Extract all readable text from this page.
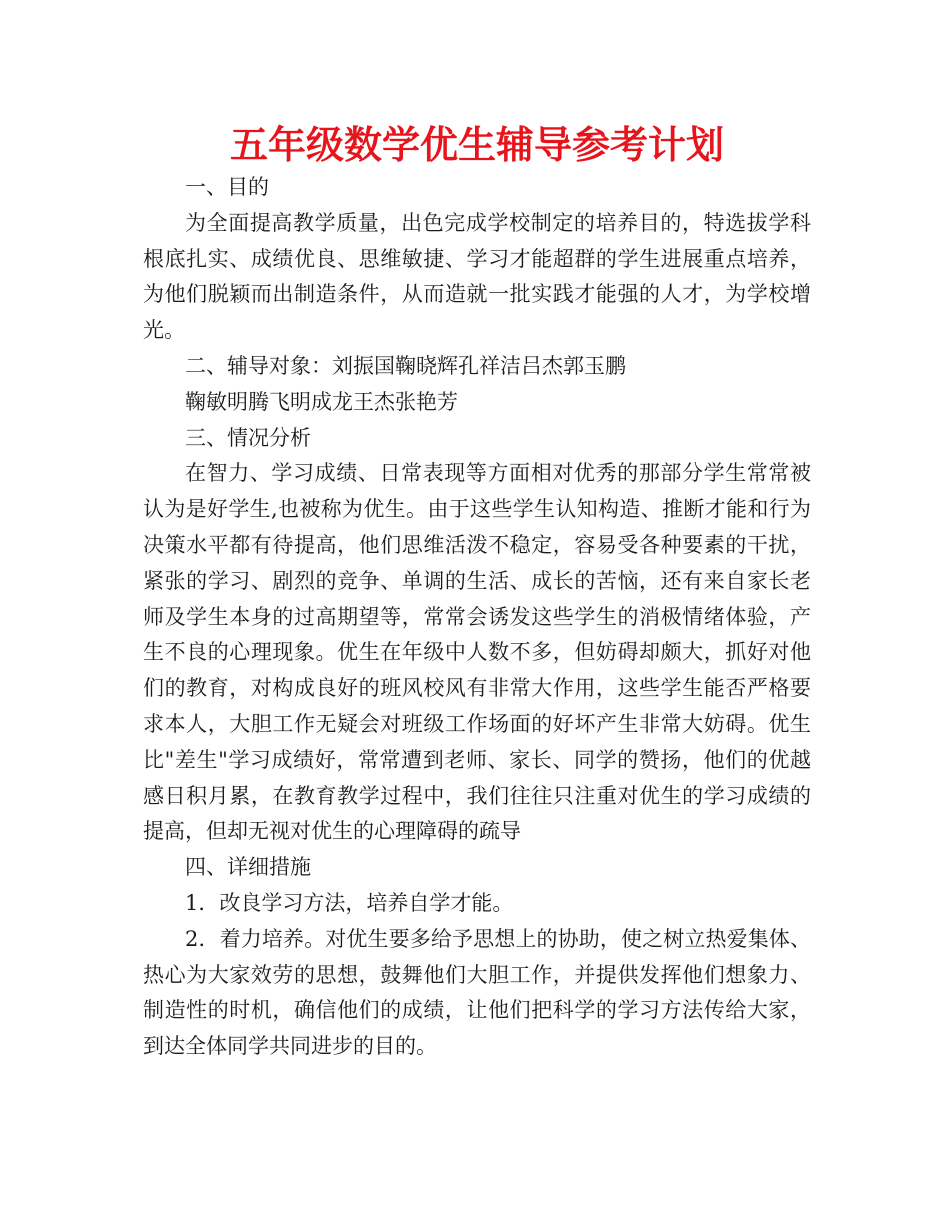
五年级数学优生辅导参考计划

一、目的

为全面提高教学质量，出色完成学校制定的培养目的，特选拔学科根底扎实、成绩优良、思维敏捷、学习才能超群的学生进展重点培养，为他们脱颖而出制造条件，从而造就一批实践才能强的人才，为学校增光。

二、辅导对象：刘振国鞠晓辉孔祥洁吕杰郭玉鹏

鞠敏明腾飞明成龙王杰张艳芳

三、情况分析

在智力、学习成绩、日常表现等方面相对优秀的那部分学生常常被认为是好学生,也被称为优生。由于这些学生认知构造、推断才能和行为决策水平都有待提高，他们思维活泼不稳定，容易受各种要素的干扰，紧张的学习、剧烈的竞争、单调的生活、成长的苦恼，还有来自家长老师及学生本身的过高期望等，常常会诱发这些学生的消极情绪体验，产生不良的心理现象。优生在年级中人数不多，但妨碍却颇大，抓好对他们的教育，对构成良好的班风校风有非常大作用，这些学生能否严格要求本人，大胆工作无疑会对班级工作场面的好坏产生非常大妨碍。优生比"差生"学习成绩好，常常遭到老师、家长、同学的赞扬，他们的优越感日积月累，在教育教学过程中，我们往往只注重对优生的学习成绩的提高，但却无视对优生的心理障碍的疏导

四、详细措施

1．改良学习方法，培养自学才能。

2．着力培养。对优生要多给予思想上的协助，使之树立热爱集体、热心为大家效劳的思想，鼓舞他们大胆工作，并提供发挥他们想象力、制造性的时机，确信他们的成绩，让他们把科学的学习方法传给大家，到达全体同学共同进步的目的。
